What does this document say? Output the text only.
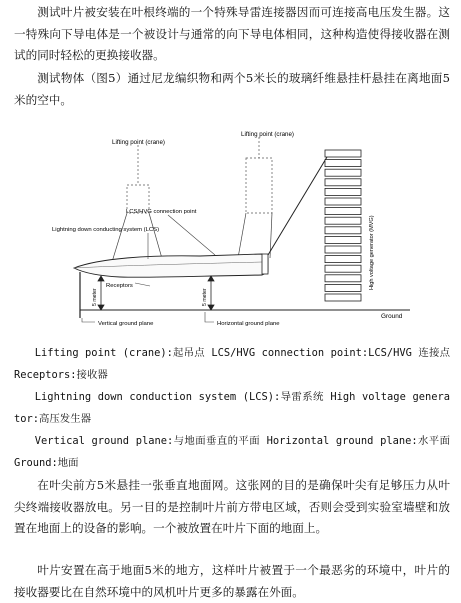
测试叶片被安装在叶根终端的一个特殊导雷连接器因而可连接高电压发生器。这一特殊向下导电体是一个被设计与通常的向下导电体相同，这种构造使得接收器在测试的同时轻松的更换接收器。
测试物体（图5）通过尼龙编织物和两个5米长的玻璃纤维悬挂杆悬挂在离地面5米的空中。
Lifting point (crane)
Lifting point (crane)
LCS/HVG connection point
Lightning down conducting system (LCS)
Receptors
5 meter	5 meter
High voltage generator (MVG)
Ground
Vertical ground plane	Horizontal ground plane
Lifting point (crane):起吊点 LCS/HVG connection point:LCS/HVG 连接点 Receptors:接收器
Lightning down conduction system (LCS):导雷系统 High voltage generator:高压发生器
Vertical ground plane:与地面垂直的平面 Horizontal ground plane:水平面 Ground:地面
在叶尖前方5米悬挂一张垂直地面网。这张网的目的是确保叶尖有足够压力从叶尖终端接收器放电。另一目的是控制叶片前方带电区域，否则会受到实验室墙壁和放置在地面上的设备的影响。一个被放置在叶片下面的地面上。
叶片安置在高于地面5米的地方，这样叶片被置于一个最恶劣的环境中，叶片的接收器要比在自然环境中的风机叶片更多的暴露在外面。
